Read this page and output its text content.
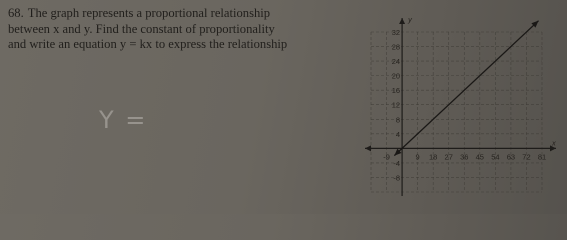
68. The graph represents a proportional relationship
between x and y. Find the constant of proportionality
and write an equation y = kx to express the relationship
Y =
-9	9 18 27 36 45 54 63 72 81
32
28
24
20
16
12
8
4
-4
-8
x
y
